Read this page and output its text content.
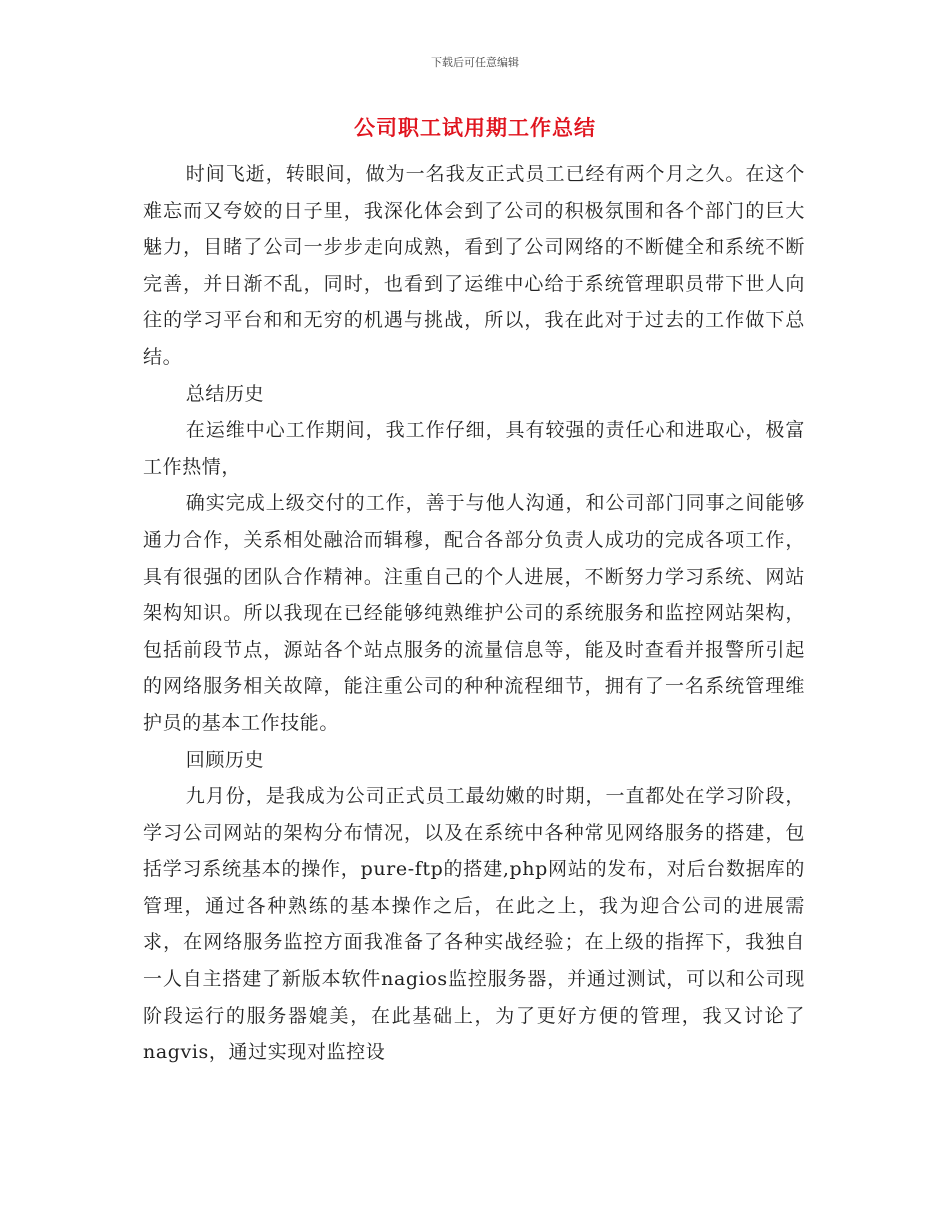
下载后可任意编辑
公司职工试用期工作总结

时间飞逝，转眼间，做为一名我友正式员工已经有两个月之久。在这个难忘而又夸姣的日子里，我深化体会到了公司的积极氛围和各个部门的巨大魅力，目睹了公司一步步走向成熟，看到了公司网络的不断健全和系统不断完善，并日渐不乱，同时，也看到了运维中心给于系统管理职员带下世人向往的学习平台和和无穷的机遇与挑战，所以，我在此对于过去的工作做下总结。

总结历史

在运维中心工作期间，我工作仔细，具有较强的责任心和进取心，极富工作热情，

确实完成上级交付的工作，善于与他人沟通，和公司部门同事之间能够通力合作，关系相处融洽而辑穆，配合各部分负责人成功的完成各项工作，具有很强的团队合作精神。注重自己的个人进展，不断努力学习系统、网站架构知识。所以我现在已经能够纯熟维护公司的系统服务和监控网站架构，包括前段节点，源站各个站点服务的流量信息等，能及时查看并报警所引起的网络服务相关故障，能注重公司的种种流程细节，拥有了一名系统管理维护员的基本工作技能。

回顾历史

九月份，是我成为公司正式员工最幼嫩的时期，一直都处在学习阶段，学习公司网站的架构分布情况，以及在系统中各种常见网络服务的搭建，包括学习系统基本的操作，pure-ftp的搭建,php网站的发布，对后台数据库的管理，通过各种熟练的基本操作之后，在此之上，我为迎合公司的进展需求，在网络服务监控方面我准备了各种实战经验；在上级的指挥下，我独自一人自主搭建了新版本软件nagios监控服务器，并通过测试，可以和公司现阶段运行的服务器媲美，在此基础上，为了更好方便的管理，我又讨论了nagvis，通过实现对监控设
